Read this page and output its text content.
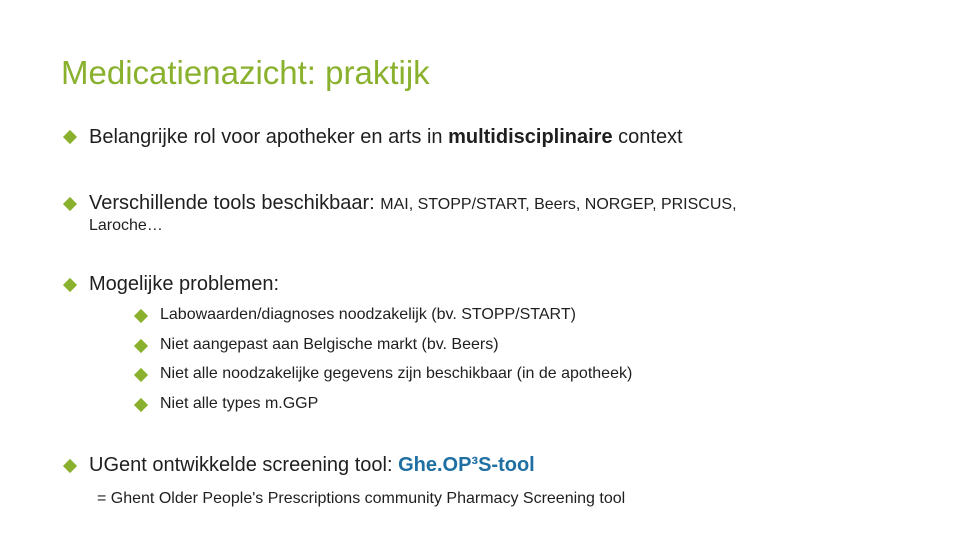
Medicatienazicht: praktijk
Belangrijke rol voor apotheker en arts in multidisciplinaire context
Verschillende tools beschikbaar: MAI, STOPP/START, Beers, NORGEP, PRISCUS,
Laroche…
Mogelijke problemen:
Labowaarden/diagnoses noodzakelijk (bv. STOPP/START)
Niet aangepast aan Belgische markt (bv. Beers)
Niet alle noodzakelijke gegevens zijn beschikbaar (in de apotheek)
Niet alle types m.GGP
UGent ontwikkelde screening tool: Ghe.OP³S-tool
= Ghent Older People's Prescriptions community Pharmacy Screening tool
